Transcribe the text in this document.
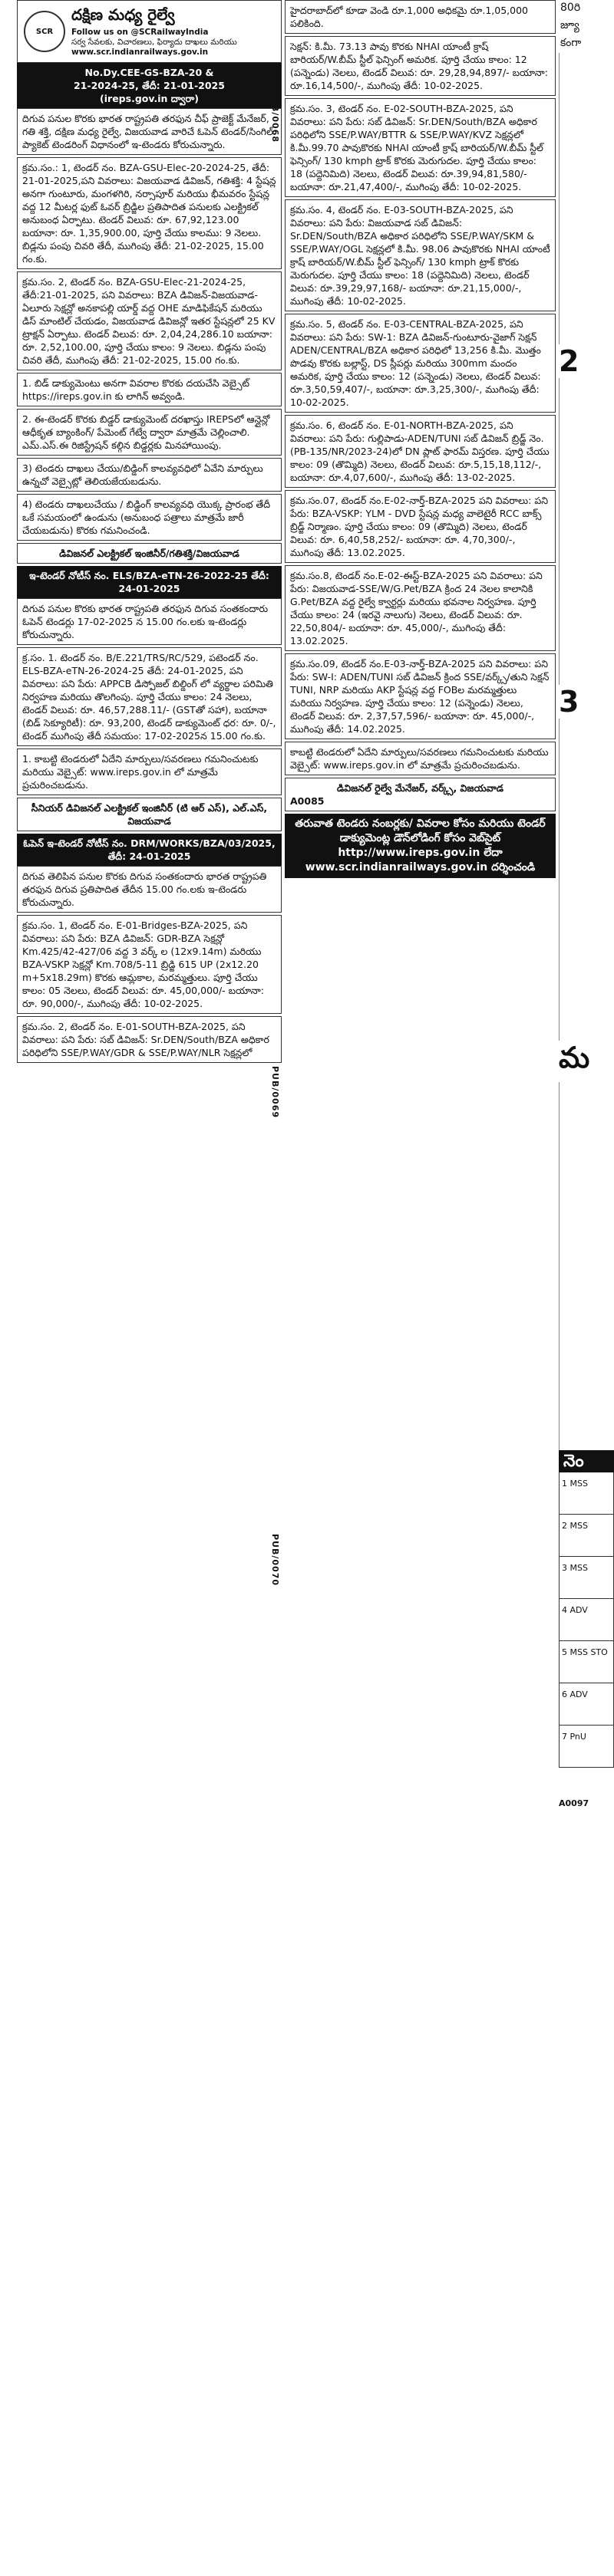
SCR
దక్షిణ మధ్య రైల్వే
Follow us on @SCRailwayIndia
సర్వ సేవలకు, విచారణలు, ఫిర్యాదు దాఖలు మరియు
www.scr.indianrailways.gov.in
No.Dy.CEE-GS-BZA-20 &
21-2024-25, తేదీ: 21-01-2025
(ireps.gov.in ద్వారా)
దిగువ పనుల కొరకు భారత రాష్ట్రపతి తరఫున చీఫ్ ప్రాజెక్ట్ మేనేజర్, గతి శక్తి, దక్షిణ మధ్య రైల్వే, విజయవాడ వారిచే ఓపెన్ టెండర్/సింగిల్ ప్యాకెట్ టెండరింగ్ విధానంలో ఇ-టెండరు కోరుచున్నారు.
క్రమ.సం.: 1, టెండర్ నం. BZA-GSU-Elec-20-2024-25, తేదీ: 21-01-2025,పని వివరాలు: విజయవాడ డివిజన్, గతిశక్తి: 4 స్టేషన్ల అనగా గుంటూరు, మంగళగిరి, నర్సాపూర్ మరియు భీమవరం స్టేషన్ల వద్ద 12 మీటర్ల ఫుట్ ఓవర్ బ్రిడ్జిల ప్రతిపాదిత పనులకు ఎలక్ట్రికల్ అనుబంధ ఏర్పాటు. టెండర్ విలువ: రూ. 67,92,123.00 బయానా: రూ. 1,35,900.00, పూర్తి చేయు కాలము: 9 నెలలు. బిడ్లను పంపు చివరి తేదీ, ముగింపు తేదీ: 21-02-2025, 15.00 గం.కు.
క్రమ.సం. 2, టెండర్ నం. BZA-GSU-Elec-21-2024-25, తేదీ:21-01-2025, పని వివరాలు: BZA డివిజన్-విజయవాడ-ఏలూరు సెక్షన్లో అనకాపల్లి యార్డ్ వద్ద OHE మాడిఫికేషన్ మరియు డిస్ మాంటిల్ చేయడం, విజయవాడ డివిజన్లో ఇతర స్టేషన్లలో 25 KV ట్రాక్షన్ ఏర్పాటు. టెండర్ విలువ: రూ. 2,04,24,286.10 బయానా: రూ. 2,52,100.00, పూర్తి చేయు కాలం: 9 నెలలు. బిడ్లను పంపు చివరి తేదీ, ముగింపు తేదీ: 21-02-2025, 15.00 గం.కు.
1. బిడ్ డాక్యుమెంటు అనగా వివరాల కొరకు దయచేసి వెబ్సైట్ https://ireps.gov.in కు లాగిన్ అవ్వండి.
2. ఈ-టెండర్ కొరకు బిడ్డర్ డాక్యుమెంట్ దరఖాస్తు IREPSలో ఆన్లైన్లో ఆధీకృత బ్యాంకింగ్/ పేమెంట్ గేట్వే ద్వారా మాత్రమే చెల్లించాలి. ఎమ్.ఎస్.ఈ రిజిస్ట్రేషన్ కల్గిన బిడ్డర్లకు మినహాయింపు.
3) టెండరు దాఖలు చేయు/బిడ్డింగ్ కాలవ్యవధిలో ఏవేని మార్పులు ఉన్నచో వెబ్సైట్లో తెలియజేయబడును.
4) టెండరు దాఖలుచేయు / బిడ్డింగ్ కాలవ్యవధి యొక్క ప్రారంభ తేదీ ఒకే సమయంలో ఉండును (అనుబంధ పత్రాలు మాత్రమే జారీ చేయబడును) కొరకు గమనించండి.
డివిజనల్ ఎలక్ట్రికల్ ఇంజినీర్/గతిశక్తి/విజయవాడ
ఇ-టెండర్ నోటీస్ నం. ELS/BZA-eTN-26-2022-25 తేదీ: 24-01-2025
దిగువ పనుల కొరకు భారత రాష్ట్రపతి తరఫున దిగువ సంతకందారు ఓపెన్ టెండర్లు 17-02-2025 న 15.00 గం.లకు ఇ-టెండర్లు కోరుచున్నారు.
క్ర.సం. 1. టెండర్ నం. B/E.221/TRS/RC/529, పటెండర్ నం. ELS-BZA-eTN-26-2024-25 తేదీ: 24-01-2025, పని వివరాలు: పని పేరు: APPCB డిస్పోజల్ బిల్డింగ్ లో వ్యర్థాల పరిమితి నిర్వహణ మరియు తొలగింపు. పూర్తి చేయు కాలం: 24 నెలలు, టెండర్ విలువ: రూ. 46,57,288.11/- (GSTతో సహా), బయానా (బిడ్ సెక్యూరిటీ): రూ. 93,200, టెండర్ డాక్యుమెంట్ ధర: రూ. 0/-, టెండర్ ముగింపు తేదీ సమయం: 17-02-2025న 15.00 గం.కు.
1. కాబట్టి టెండరులో ఏదేని మార్పులు/సవరణలు గమనించుటకు మరియు వెబ్సైట్: www.ireps.gov.in లో మాత్రమే ప్రచురించబడును.
సీనియర్ డివిజనల్ ఎలక్ట్రికల్ ఇంజినీర్ (టి ఆర్ ఎస్), ఎల్.ఎస్, విజయవాడ
ఓపెన్ ఇ-టెండర్ నోటీస్ నం. DRM/WORKS/BZA/03/2025, తేదీ: 24-01-2025
దిగువ తెలిపిన పనుల కొరకు దిగువ సంతకందారు భారత రాష్ట్రపతి తరఫున దిగువ ప్రతిపాదిత తేదీన 15.00 గం.లకు ఇ-టెండరు కోరుచున్నారు.
క్రమ.సం. 1, టెండర్ నం. E-01-Bridges-BZA-2025, పని వివరాలు: పని పేరు: BZA డివిజన్: GDR-BZA సెక్షన్లో Km.425/42-427/06 వద్ద 3 వర్క్ ల (12x9.14m) మరియు BZA-VSKP సెక్షన్లో Km.708/5-11 బ్రిడ్జి 615 UP (2x12.20 m+5x18.29m) కొరకు ఆమ్లకాల, మరమ్మత్తులు. పూర్తి చేయు కాలం: 05 నెలలు, టెండర్ విలువ: రూ. 45,00,000/- బయానా: రూ. 90,000/-, ముగింపు తేదీ: 10-02-2025.
క్రమ.సం. 2, టెండర్ నం. E-01-SOUTH-BZA-2025, పని వివరాలు: పని పేరు: సబ్ డివిజన్: Sr.DEN/South/BZA అధికార పరిధిలోని SSE/P.WAY/GDR & SSE/P.WAY/NLR సెక్షన్లలో
PUB/0068
PUB/0069
PUB/0070
హైదరాబాద్‌లో కూడా వెండి రూ.1,000 అధికమై రూ.1,05,000 పలికింది.
సెక్షన్: కి.మీ. 73.13 పావు కొరకు NHAI యాంటీ క్రాష్ బారియర్/W.బీమ్ స్టీల్ ఫెన్సింగ్ అమరిక. పూర్తి చేయు కాలం: 12 (పన్నెండు) నెలలు, టెండర్ విలువ: రూ. 29,28,94,897/- బయానా: రూ.16,14,500/-, ముగింపు తేదీ: 10-02-2025.
క్రమ.సం. 3, టెండర్ నం. E-02-SOUTH-BZA-2025, పని వివరాలు: పని పేరు: సబ్ డివిజన్: Sr.DEN/South/BZA అధికార పరిధిలోని SSE/P.WAY/BTTR & SSE/P.WAY/KVZ సెక్షన్లలో కి.మీ.99.70 పావుకొరకు NHAI యాంటీ క్రాష్ బారియర్/W.బీమ్ స్టీల్ ఫెన్సింగ్/ 130 kmph ట్రాక్ కొరకు మెరుగుదల. పూర్తి చేయు కాలం: 18 (పద్దెనిమిది) నెలలు, టెండర్ విలువ: రూ.39,94,81,580/- బయానా: రూ.21,47,400/-, ముగింపు తేదీ: 10-02-2025.
క్రమ.సం. 4, టెండర్ నం. E-03-SOUTH-BZA-2025, పని వివరాలు: పని పేరు: విజయవాడ సబ్ డివిజన్: Sr.DEN/South/BZA అధికార పరిధిలోని SSE/P.WAY/SKM & SSE/P.WAY/OGL సెక్షన్లలో కి.మీ. 98.06 పావుకొరకు NHAI యాంటీ క్రాష్ బారియర్/W.బీమ్ స్టీల్ ఫెన్సింగ్/ 130 kmph ట్రాక్ కొరకు మెరుగుదల. పూర్తి చేయు కాలం: 18 (పద్దెనిమిది) నెలలు, టెండర్ విలువ: రూ.39,29,97,168/- బయానా: రూ.21,15,000/-, ముగింపు తేదీ: 10-02-2025.
క్రమ.సం. 5, టెండర్ నం. E-03-CENTRAL-BZA-2025, పని వివరాలు: పని పేరు: SW-1: BZA డివిజన్-గుంటూరు-వైజాగ్ సెక్షన్ ADEN/CENTRAL/BZA అధికార పరిధిలో 13,256 కి.మీ. మొత్తం పొడవు కొరకు బల్లాస్ట్, DS స్లీపర్లు మరియు 300mm మందం అమరిక, పూర్తి చేయు కాలం: 12 (పన్నెండు) నెలలు, టెండర్ విలువ: రూ.3,50,59,407/-, బయానా: రూ.3,25,300/-, ముగింపు తేదీ: 10-02-2025.
క్రమ.సం. 6, టెండర్ నం. E-01-NORTH-BZA-2025, పని వివరాలు: పని పేరు: గుల్లిపాడు-ADEN/TUNI సబ్ డివిజన్ బ్రిడ్జ్ నెం. (PB-135/NR/2023-24)లో DN ప్లాట్ ఫారమ్ విస్తరణ. పూర్తి చేయు కాలం: 09 (తొమ్మిది) నెలలు, టెండర్ విలువ: రూ.5,15,18,112/-, బయానా: రూ.4,07,600/-, ముగింపు తేదీ: 13-02-2025.
క్రమ.సం.07, టెండర్ నం.E-02-నార్త్-BZA-2025 పని వివరాలు: పని పేరు: BZA-VSKP: YLM - DVD స్టేషన్ల మధ్య వాలెటైరీ RCC బాక్స్ బ్రిడ్జ్ నిర్మాణం. పూర్తి చేయు కాలం: 09 (తొమ్మిది) నెలలు, టెండర్ విలువ: రూ. 6,40,58,252/- బయానా: రూ. 4,70,300/-, ముగింపు తేదీ: 13.02.2025.
క్రమ.సం.8, టెండర్ నం.E-02-ఈస్ట్-BZA-2025 పని వివరాలు: పని పేరు: విజయవాడ-SSE/W/G.Pet/BZA క్రింద 24 నెలల కాలానికి G.Pet/BZA వద్ద రైల్వే క్వార్టర్లు మరియు భవనాల నిర్వహణ. పూర్తి చేయు కాలం: 24 (ఇరవై నాలుగు) నెలలు, టెండర్ విలువ: రూ. 22,50,804/- బయానా: రూ. 45,000/-, ముగింపు తేదీ: 13.02.2025.
క్రమ.సం.09, టెండర్ నం.E-03-నార్త్-BZA-2025 పని వివరాలు: పని పేరు: SW-I: ADEN/TUNI సబ్ డివిజన్ క్రింద SSE/వర్క్స్/తుని సెక్షన్ TUNI, NRP మరియు AKP స్టేషన్ల వద్ద FOBల మరమ్మత్తులు మరియు నిర్వహణ. పూర్తి చేయు కాలం: 12 (పన్నెండు) నెలలు, టెండర్ విలువ: రూ. 2,37,57,596/- బయానా: రూ. 45,000/-, ముగింపు తేదీ: 14.02.2025.
కాబట్టి టెండరులో ఏదేని మార్పులు/సవరణలు గమనించుటకు మరియు వెబ్సైట్: www.ireps.gov.in లో మాత్రమే ప్రచురించబడును.
డివిజనల్ రైల్వే మేనేజర్, వర్క్స్, విజయవాడ
A0085
తరువాత టెండరు నంబర్లకు/ వివరాల కోసం మరియు టెండర్ డాక్యుమెంట్ల డౌన్‌లోడింగ్ కోసం వెబ్‌సైట్
http://www.ireps.gov.in లేదా www.scr.indianrailways.gov.in దర్శించండి
80రి
జ్యూ
కంగా
2
3
మ
నెం
1 MSS
2 MSS
3 MSS
4 ADV
5 MSS STO
6 ADV
7 PnU
A0097
